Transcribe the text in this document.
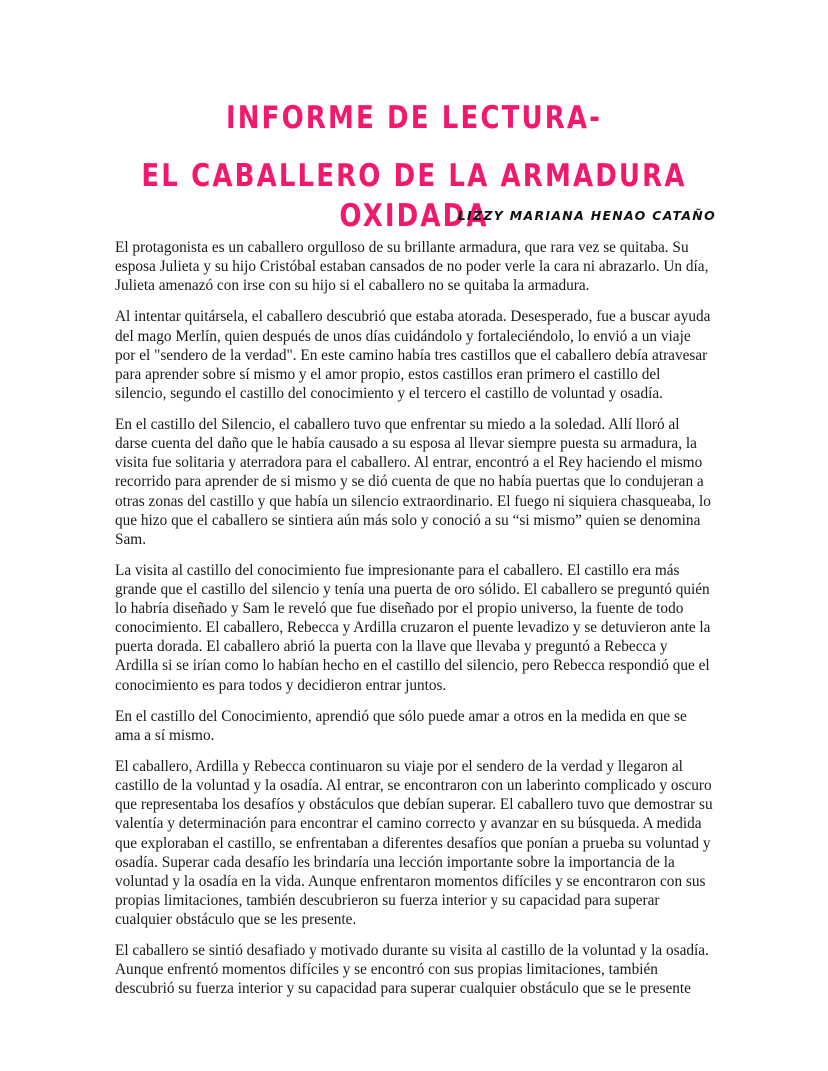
INFORME DE LECTURA-
EL CABALLERO DE LA ARMADURA OXIDADA
LIZZY MARIANA HENAO CATAÑO

El protagonista es un caballero orgulloso de su brillante armadura, que rara vez se quitaba. Su esposa Julieta y su hijo Cristóbal estaban cansados de no poder verle la cara ni abrazarlo. Un día, Julieta amenazó con irse con su hijo si el caballero no se quitaba la armadura.

Al intentar quitársela, el caballero descubrió que estaba atorada. Desesperado, fue a buscar ayuda del mago Merlín, quien después de unos días cuidándolo y fortaleciéndolo, lo envió a un viaje por el "sendero de la verdad". En este camino había tres castillos que el caballero debía atravesar para aprender sobre sí mismo y el amor propio, estos castillos eran primero el castillo del silencio, segundo el castillo del conocimiento y el tercero el castillo de voluntad y osadía.

En el castillo del Silencio, el caballero tuvo que enfrentar su miedo a la soledad. Allí lloró al darse cuenta del daño que le había causado a su esposa al llevar siempre puesta su armadura, la visita fue solitaria y aterradora para el caballero. Al entrar, encontró a el Rey haciendo el mismo recorrido para aprender de si mismo y se dió cuenta de que no había puertas que lo condujeran a otras zonas del castillo y que había un silencio extraordinario. El fuego ni siquiera chasqueaba, lo que hizo que el caballero se sintiera aún más solo y conoció a su “si mismo” quien se denomina Sam.

La visita al castillo del conocimiento fue impresionante para el caballero. El castillo era más grande que el castillo del silencio y tenía una puerta de oro sólido. El caballero se preguntó quién lo habría diseñado y Sam le reveló que fue diseñado por el propio universo, la fuente de todo conocimiento. El caballero, Rebecca y Ardilla cruzaron el puente levadizo y se detuvieron ante la puerta dorada. El caballero abrió la puerta con la llave que llevaba y preguntó a Rebecca y Ardilla si se irían como lo habían hecho en el castillo del silencio, pero Rebecca respondió que el conocimiento es para todos y decidieron entrar juntos.

En el castillo del Conocimiento, aprendió que sólo puede amar a otros en la medida en que se ama a sí mismo.

El caballero, Ardilla y Rebecca continuaron su viaje por el sendero de la verdad y llegaron al castillo de la voluntad y la osadía. Al entrar, se encontraron con un laberinto complicado y oscuro que representaba los desafíos y obstáculos que debían superar. El caballero tuvo que demostrar su valentía y determinación para encontrar el camino correcto y avanzar en su búsqueda. A medida que exploraban el castillo, se enfrentaban a diferentes desafíos que ponían a prueba su voluntad y osadía. Superar cada desafío les brindaría una lección importante sobre la importancia de la voluntad y la osadía en la vida. Aunque enfrentaron momentos difíciles y se encontraron con sus propias limitaciones, también descubrieron su fuerza interior y su capacidad para superar cualquier obstáculo que se les presente.

El caballero se sintió desafiado y motivado durante su visita al castillo de la voluntad y la osadía. Aunque enfrentó momentos difíciles y se encontró con sus propias limitaciones, también descubrió su fuerza interior y su capacidad para superar cualquier obstáculo que se le presente
